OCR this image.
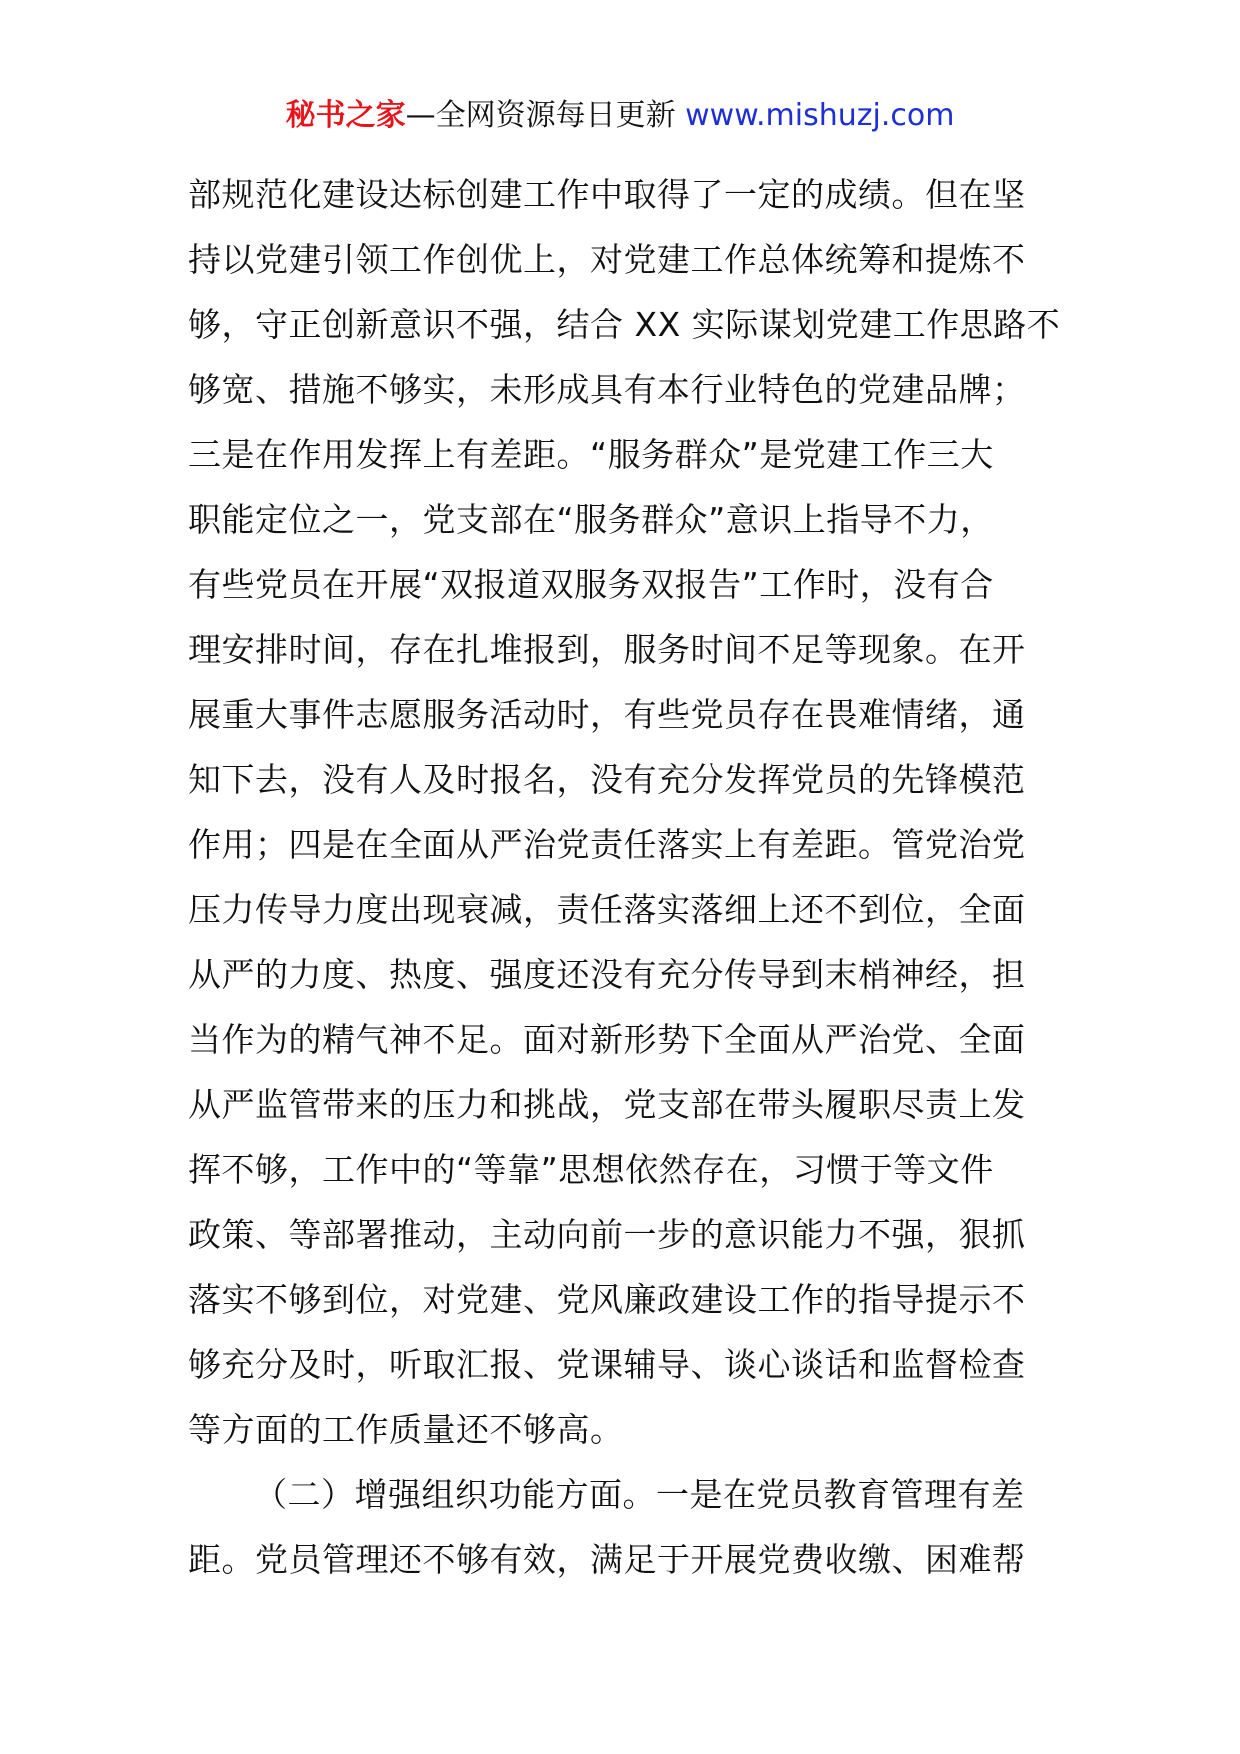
秘书之家—全网资源每日更新 www.mishuzj.com
部规范化建设达标创建工作中取得了一定的成绩。但在坚
持以党建引领工作创优上，对党建工作总体统筹和提炼不
够，守正创新意识不强，结合 XX 实际谋划党建工作思路不
够宽、措施不够实，未形成具有本行业特色的党建品牌；
三是在作用发挥上有差距。“服务群众”是党建工作三大
职能定位之一，党支部在“服务群众”意识上指导不力，
有些党员在开展“双报道双服务双报告”工作时，没有合
理安排时间，存在扎堆报到，服务时间不足等现象。在开
展重大事件志愿服务活动时，有些党员存在畏难情绪，通
知下去，没有人及时报名，没有充分发挥党员的先锋模范
作用；四是在全面从严治党责任落实上有差距。管党治党
压力传导力度出现衰减，责任落实落细上还不到位，全面
从严的力度、热度、强度还没有充分传导到末梢神经，担
当作为的精气神不足。面对新形势下全面从严治党、全面
从严监管带来的压力和挑战，党支部在带头履职尽责上发
挥不够，工作中的“等靠”思想依然存在，习惯于等文件
政策、等部署推动，主动向前一步的意识能力不强，狠抓
落实不够到位，对党建、党风廉政建设工作的指导提示不
够充分及时，听取汇报、党课辅导、谈心谈话和监督检查
等方面的工作质量还不够高。
（二）增强组织功能方面。一是在党员教育管理有差
距。党员管理还不够有效，满足于开展党费收缴、困难帮
